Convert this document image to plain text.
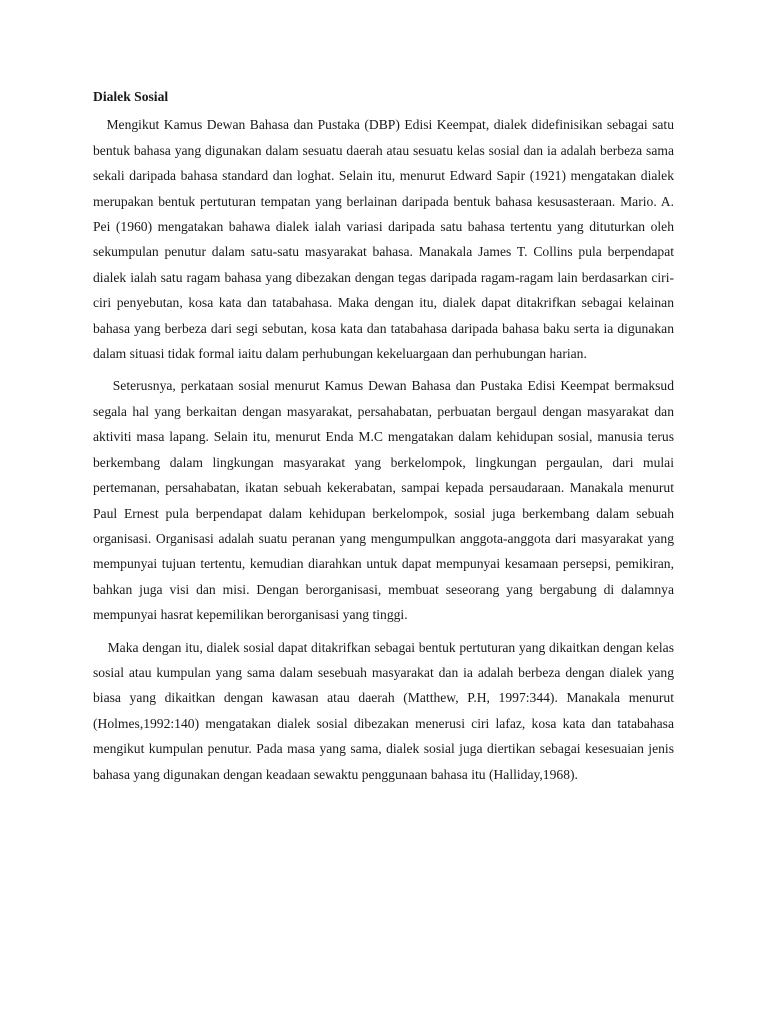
Dialek Sosial

Mengikut Kamus Dewan Bahasa dan Pustaka (DBP) Edisi Keempat, dialek didefinisikan sebagai satu bentuk bahasa yang digunakan dalam sesuatu daerah atau sesuatu kelas sosial dan ia adalah berbeza sama sekali daripada bahasa standard dan loghat. Selain itu, menurut Edward Sapir (1921) mengatakan dialek merupakan bentuk pertuturan tempatan yang berlainan daripada bentuk bahasa kesusasteraan. Mario. A. Pei (1960) mengatakan bahawa dialek ialah variasi daripada satu bahasa tertentu yang dituturkan oleh sekumpulan penutur dalam satu-satu masyarakat bahasa. Manakala James T. Collins pula berpendapat dialek ialah satu ragam bahasa yang dibezakan dengan tegas daripada ragam-ragam lain berdasarkan ciri-ciri penyebutan, kosa kata dan tatabahasa. Maka dengan itu, dialek dapat ditakrifkan sebagai kelainan bahasa yang berbeza dari segi sebutan, kosa kata dan tatabahasa daripada bahasa baku serta ia digunakan dalam situasi tidak formal iaitu dalam perhubungan kekeluargaan dan perhubungan harian.

Seterusnya, perkataan sosial menurut Kamus Dewan Bahasa dan Pustaka Edisi Keempat bermaksud segala hal yang berkaitan dengan masyarakat, persahabatan, perbuatan bergaul dengan masyarakat dan aktiviti masa lapang. Selain itu, menurut Enda M.C mengatakan dalam kehidupan sosial, manusia terus berkembang dalam lingkungan masyarakat yang berkelompok, lingkungan pergaulan, dari mulai pertemanan, persahabatan, ikatan sebuah kekerabatan, sampai kepada persaudaraan. Manakala menurut Paul Ernest pula berpendapat dalam kehidupan berkelompok, sosial juga berkembang dalam sebuah organisasi. Organisasi adalah suatu peranan yang mengumpulkan anggota-anggota dari masyarakat yang mempunyai tujuan tertentu, kemudian diarahkan untuk dapat mempunyai kesamaan persepsi, pemikiran, bahkan juga visi dan misi. Dengan berorganisasi, membuat seseorang yang bergabung di dalamnya mempunyai hasrat kepemilikan berorganisasi yang tinggi.

Maka dengan itu, dialek sosial dapat ditakrifkan sebagai bentuk pertuturan yang dikaitkan dengan kelas sosial atau kumpulan yang sama dalam sesebuah masyarakat dan ia adalah berbeza dengan dialek yang biasa yang dikaitkan dengan kawasan atau daerah (Matthew, P.H, 1997:344). Manakala menurut (Holmes,1992:140) mengatakan dialek sosial dibezakan menerusi ciri lafaz, kosa kata dan tatabahasa mengikut kumpulan penutur. Pada masa yang sama, dialek sosial juga diertikan sebagai kesesuaian jenis bahasa yang digunakan dengan keadaan sewaktu penggunaan bahasa itu (Halliday,1968).
